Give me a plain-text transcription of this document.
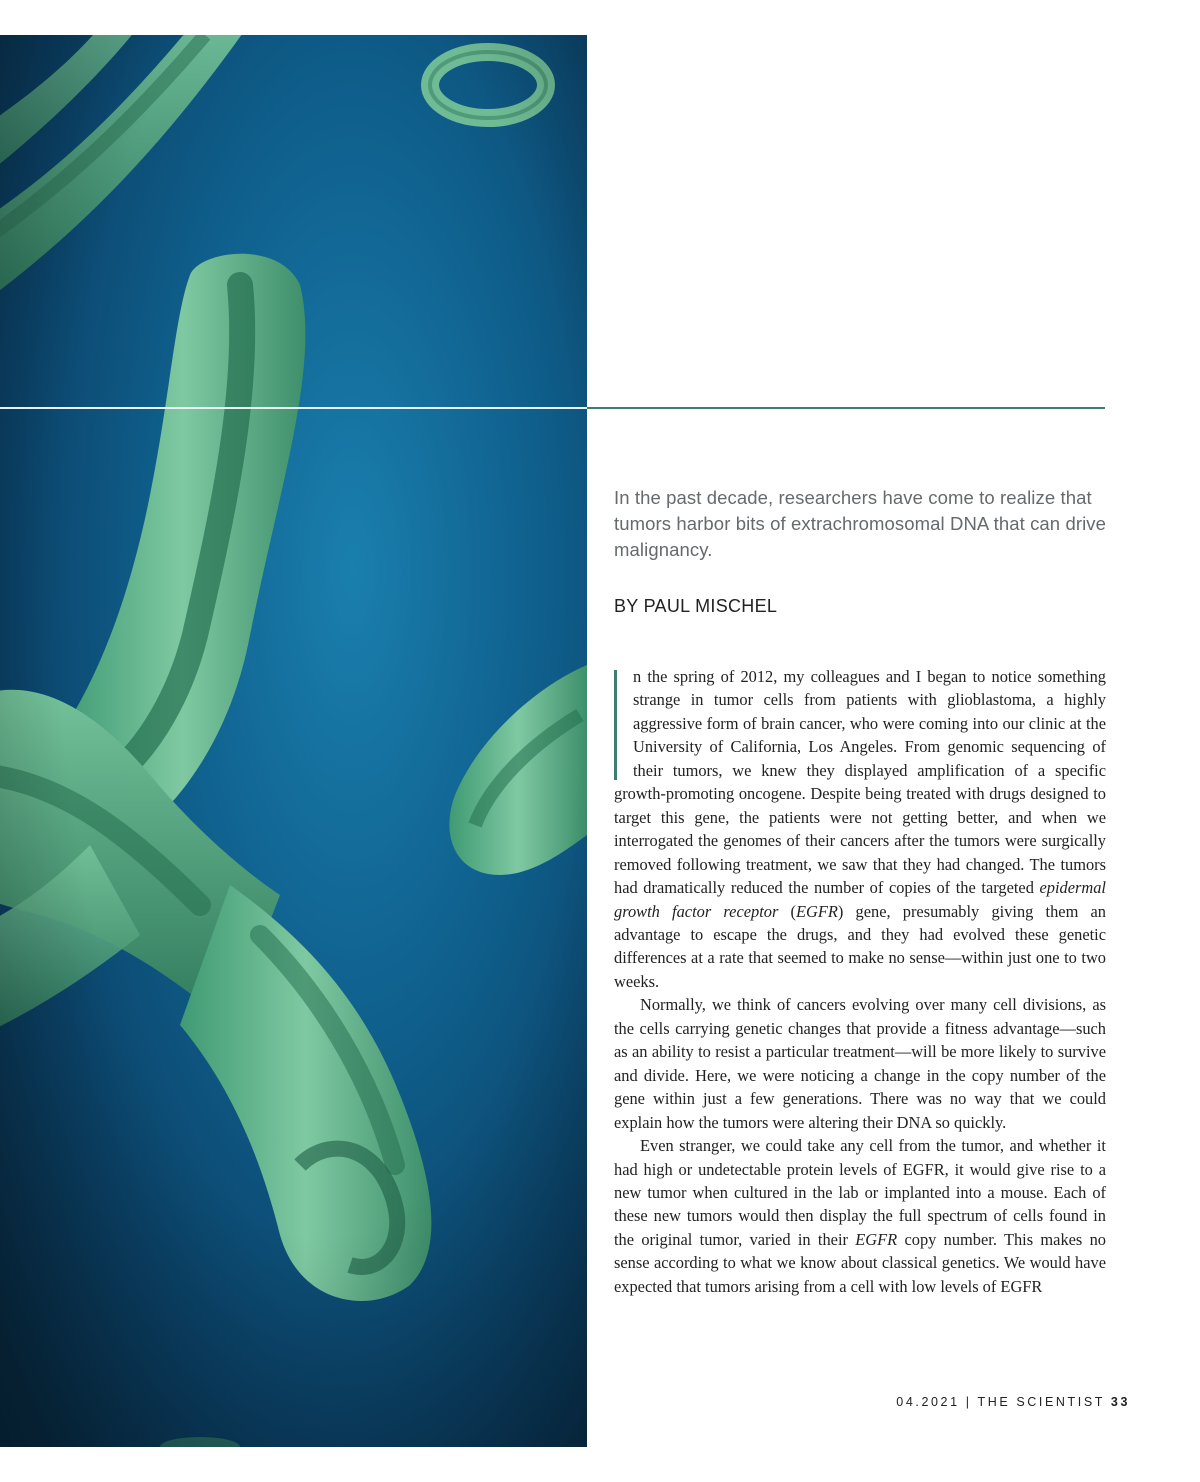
In the past decade, researchers have come to realize that tumors harbor bits of extrachromosomal DNA that can drive malignancy.
BY PAUL MISCHEL

n the spring of 2012, my colleagues and I began to notice something strange in tumor cells from patients with glioblastoma, a highly aggressive form of brain cancer, who were coming into our clinic at the University of California, Los Angeles. From genomic sequencing of their tumors, we knew they displayed amplification of a specific growth-promoting oncogene. Despite being treated with drugs designed to target this gene, the patients were not getting better, and when we interrogated the genomes of their cancers after the tumors were surgically removed following treatment, we saw that they had changed. The tumors had dramatically reduced the number of copies of the targeted epidermal growth factor receptor (EGFR) gene, presumably giving them an advantage to escape the drugs, and they had evolved these genetic differences at a rate that seemed to make no sense—within just one to two weeks.

Normally, we think of cancers evolving over many cell divisions, as the cells carrying genetic changes that provide a fitness advantage—such as an ability to resist a particular treatment—will be more likely to survive and divide. Here, we were noticing a change in the copy number of the gene within just a few generations. There was no way that we could explain how the tumors were altering their DNA so quickly.

Even stranger, we could take any cell from the tumor, and whether it had high or undetectable protein levels of EGFR, it would give rise to a new tumor when cultured in the lab or implanted into a mouse. Each of these new tumors would then display the full spectrum of cells found in the original tumor, varied in their EGFR copy number. This makes no sense according to what we know about classical genetics. We would have expected that tumors arising from a cell with low levels of EGFR

04.2021 | THE SCIENTIST 33
